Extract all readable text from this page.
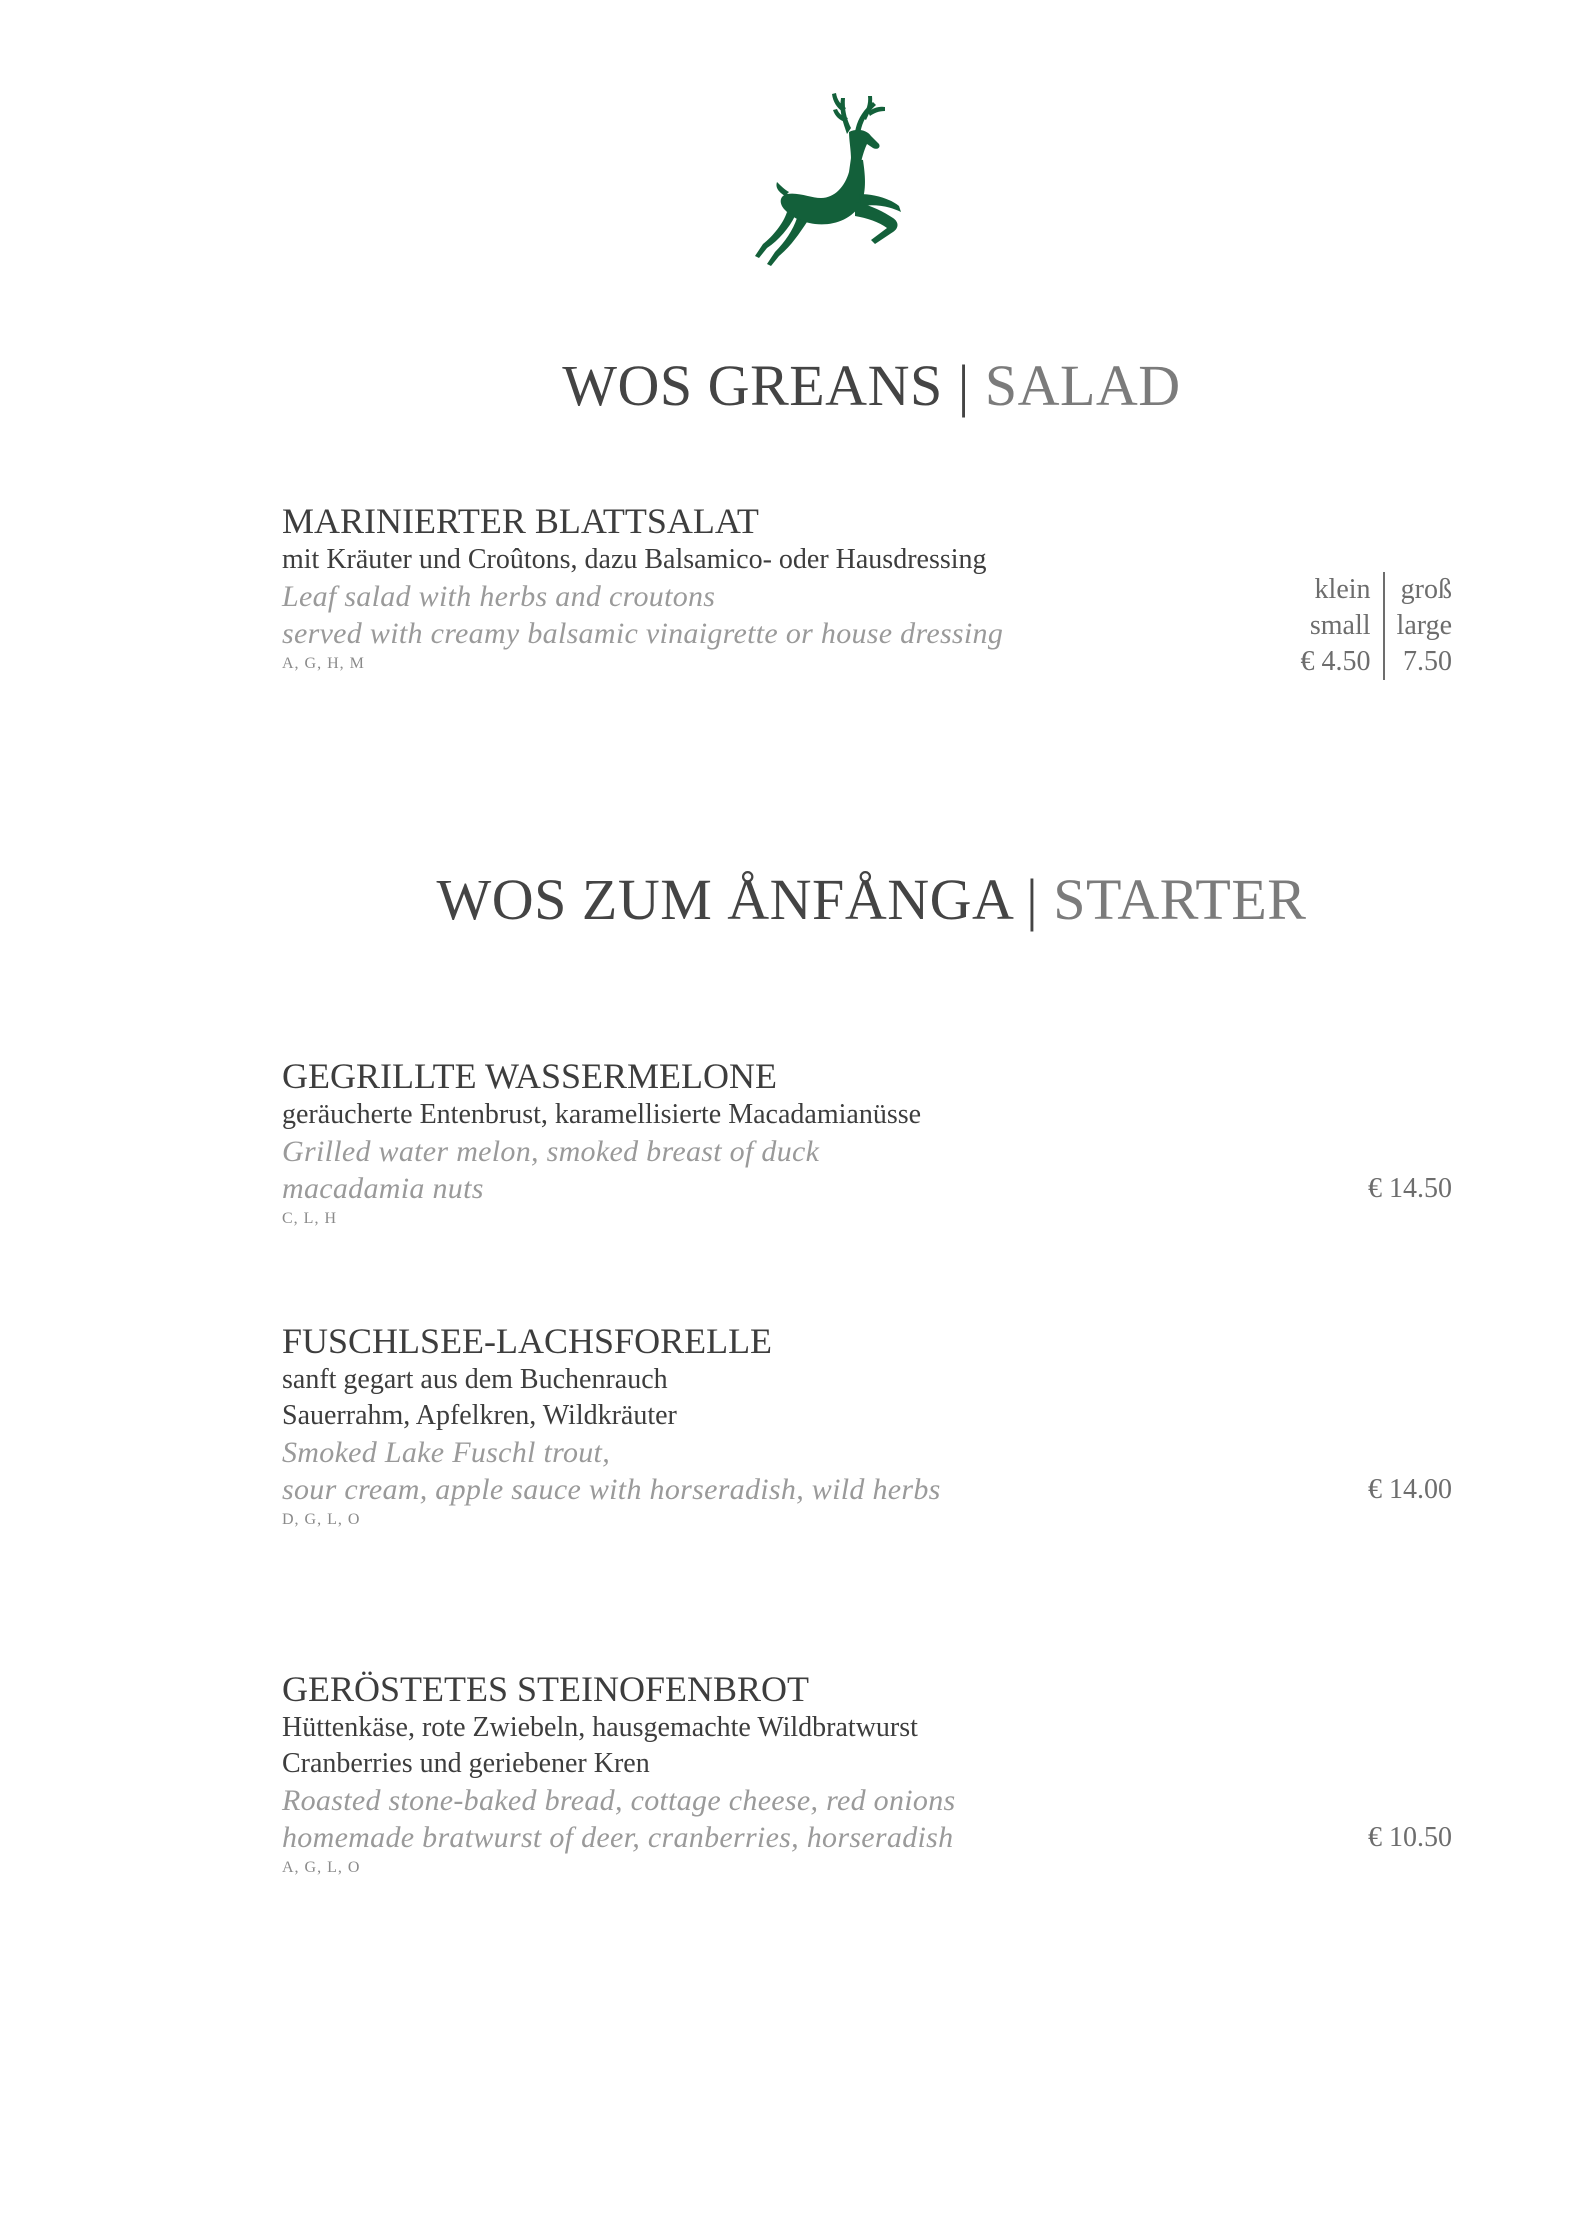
WOS GREANS | SALAD
MARINIERTER BLATTSALAT
mit Kräuter und Croûtons, dazu Balsamico- oder Hausdressing
Leaf salad with herbs and croutons
served with creamy balsamic vinaigrette or house dressing
A, G, H, M
klein
small
€ 4.50
groß
large
7.50
WOS ZUM ÅNFÅNGA | STARTER
GEGRILLTE WASSERMELONE
geräucherte Entenbrust, karamellisierte Macadamianüsse
Grilled water melon, smoked breast of duck
macadamia nuts
C, L, H
€ 14.50
FUSCHLSEE-LACHSFORELLE
sanft gegart aus dem Buchenrauch
Sauerrahm, Apfelkren, Wildkräuter
Smoked Lake Fuschl trout,
sour cream, apple sauce with horseradish, wild herbs
D, G, L, O
€ 14.00
GERÖSTETES STEINOFENBROT
Hüttenkäse, rote Zwiebeln, hausgemachte Wildbratwurst
Cranberries und geriebener Kren
Roasted stone-baked bread, cottage cheese, red onions
homemade bratwurst of deer, cranberries, horseradish
A, G, L, O
€ 10.50
